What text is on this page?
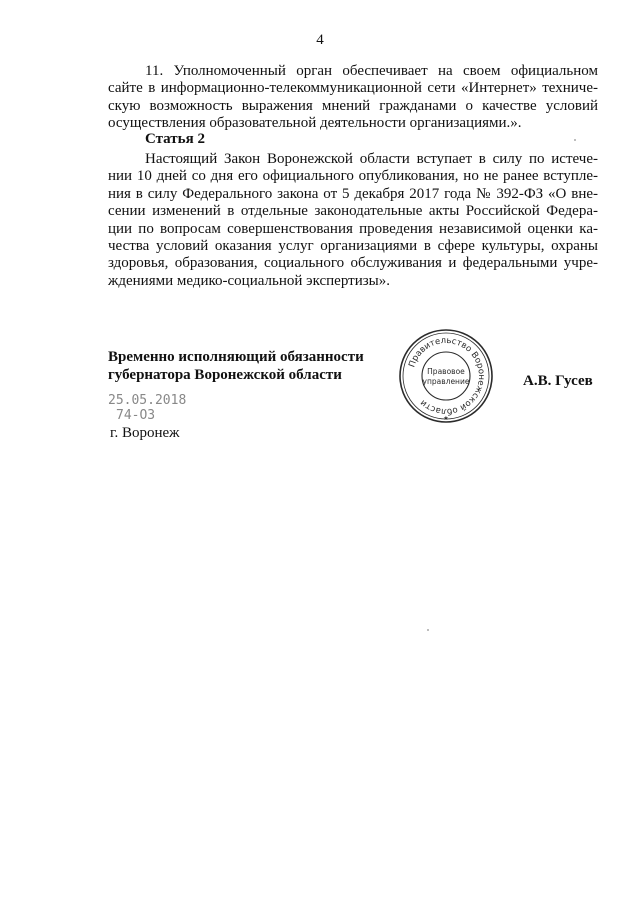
4
11. Уполномоченный орган обеспечивает на своем официальном
сайте в информационно-телекоммуникационной сети «Интернет» техниче-
скую возможность выражения мнений гражданами о качестве условий
осуществления образовательной деятельности организациями.».
Статья 2
Настоящий Закон Воронежской области вступает в силу по истече-
нии 10 дней со дня его официального опубликования, но не ранее вступле-
ния в силу Федерального закона от 5 декабря 2017 года № 392-ФЗ «О вне-
сении изменений в отдельные законодательные акты Российской Федера-
ции по вопросам совершенствования проведения независимой оценки ка-
чества условий оказания услуг организациями в сфере культуры, охраны
здоровья, образования, социального обслуживания и федеральными учре-
ждениями медико-социальной экспертизы».
Временно исполняющий обязанности
губернатора Воронежской области
Правительство Воронежской области
Правовое
управление
★
А.В. Гусев
25.05.2018
74-ОЗ
г. Воронеж
